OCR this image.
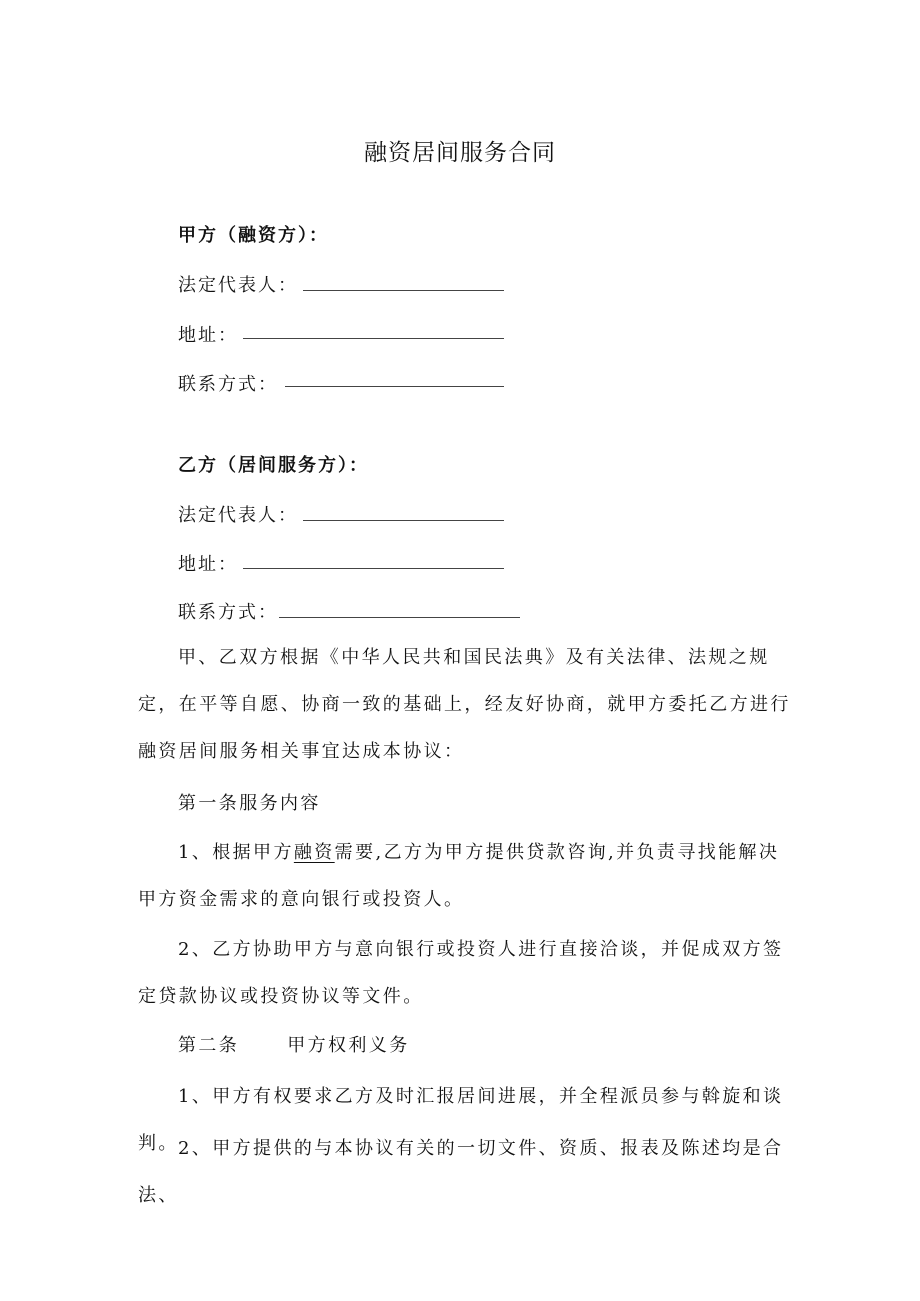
融资居间服务合同
甲方（融资方）：
法定代表人：
地址：
联系方式：
乙方（居间服务方）：
法定代表人：
地址：
联系方式：
甲、乙双方根据《中华人民共和国民法典》及有关法律、法规之规定，在平等自愿、协商一致的基础上，经友好协商，就甲方委托乙方进行融资居间服务相关事宜达成本协议：
第一条服务内容
1、根据甲方融资需要,乙方为甲方提供贷款咨询,并负责寻找能解决甲方资金需求的意向银行或投资人。
2、乙方协助甲方与意向银行或投资人进行直接洽谈，并促成双方签定贷款协议或投资协议等文件。
第二条	甲方权利义务
1、甲方有权要求乙方及时汇报居间进展，并全程派员参与斡旋和谈判。 2、甲方提供的与本协议有关的一切文件、资质、报表及陈述均是合法、
